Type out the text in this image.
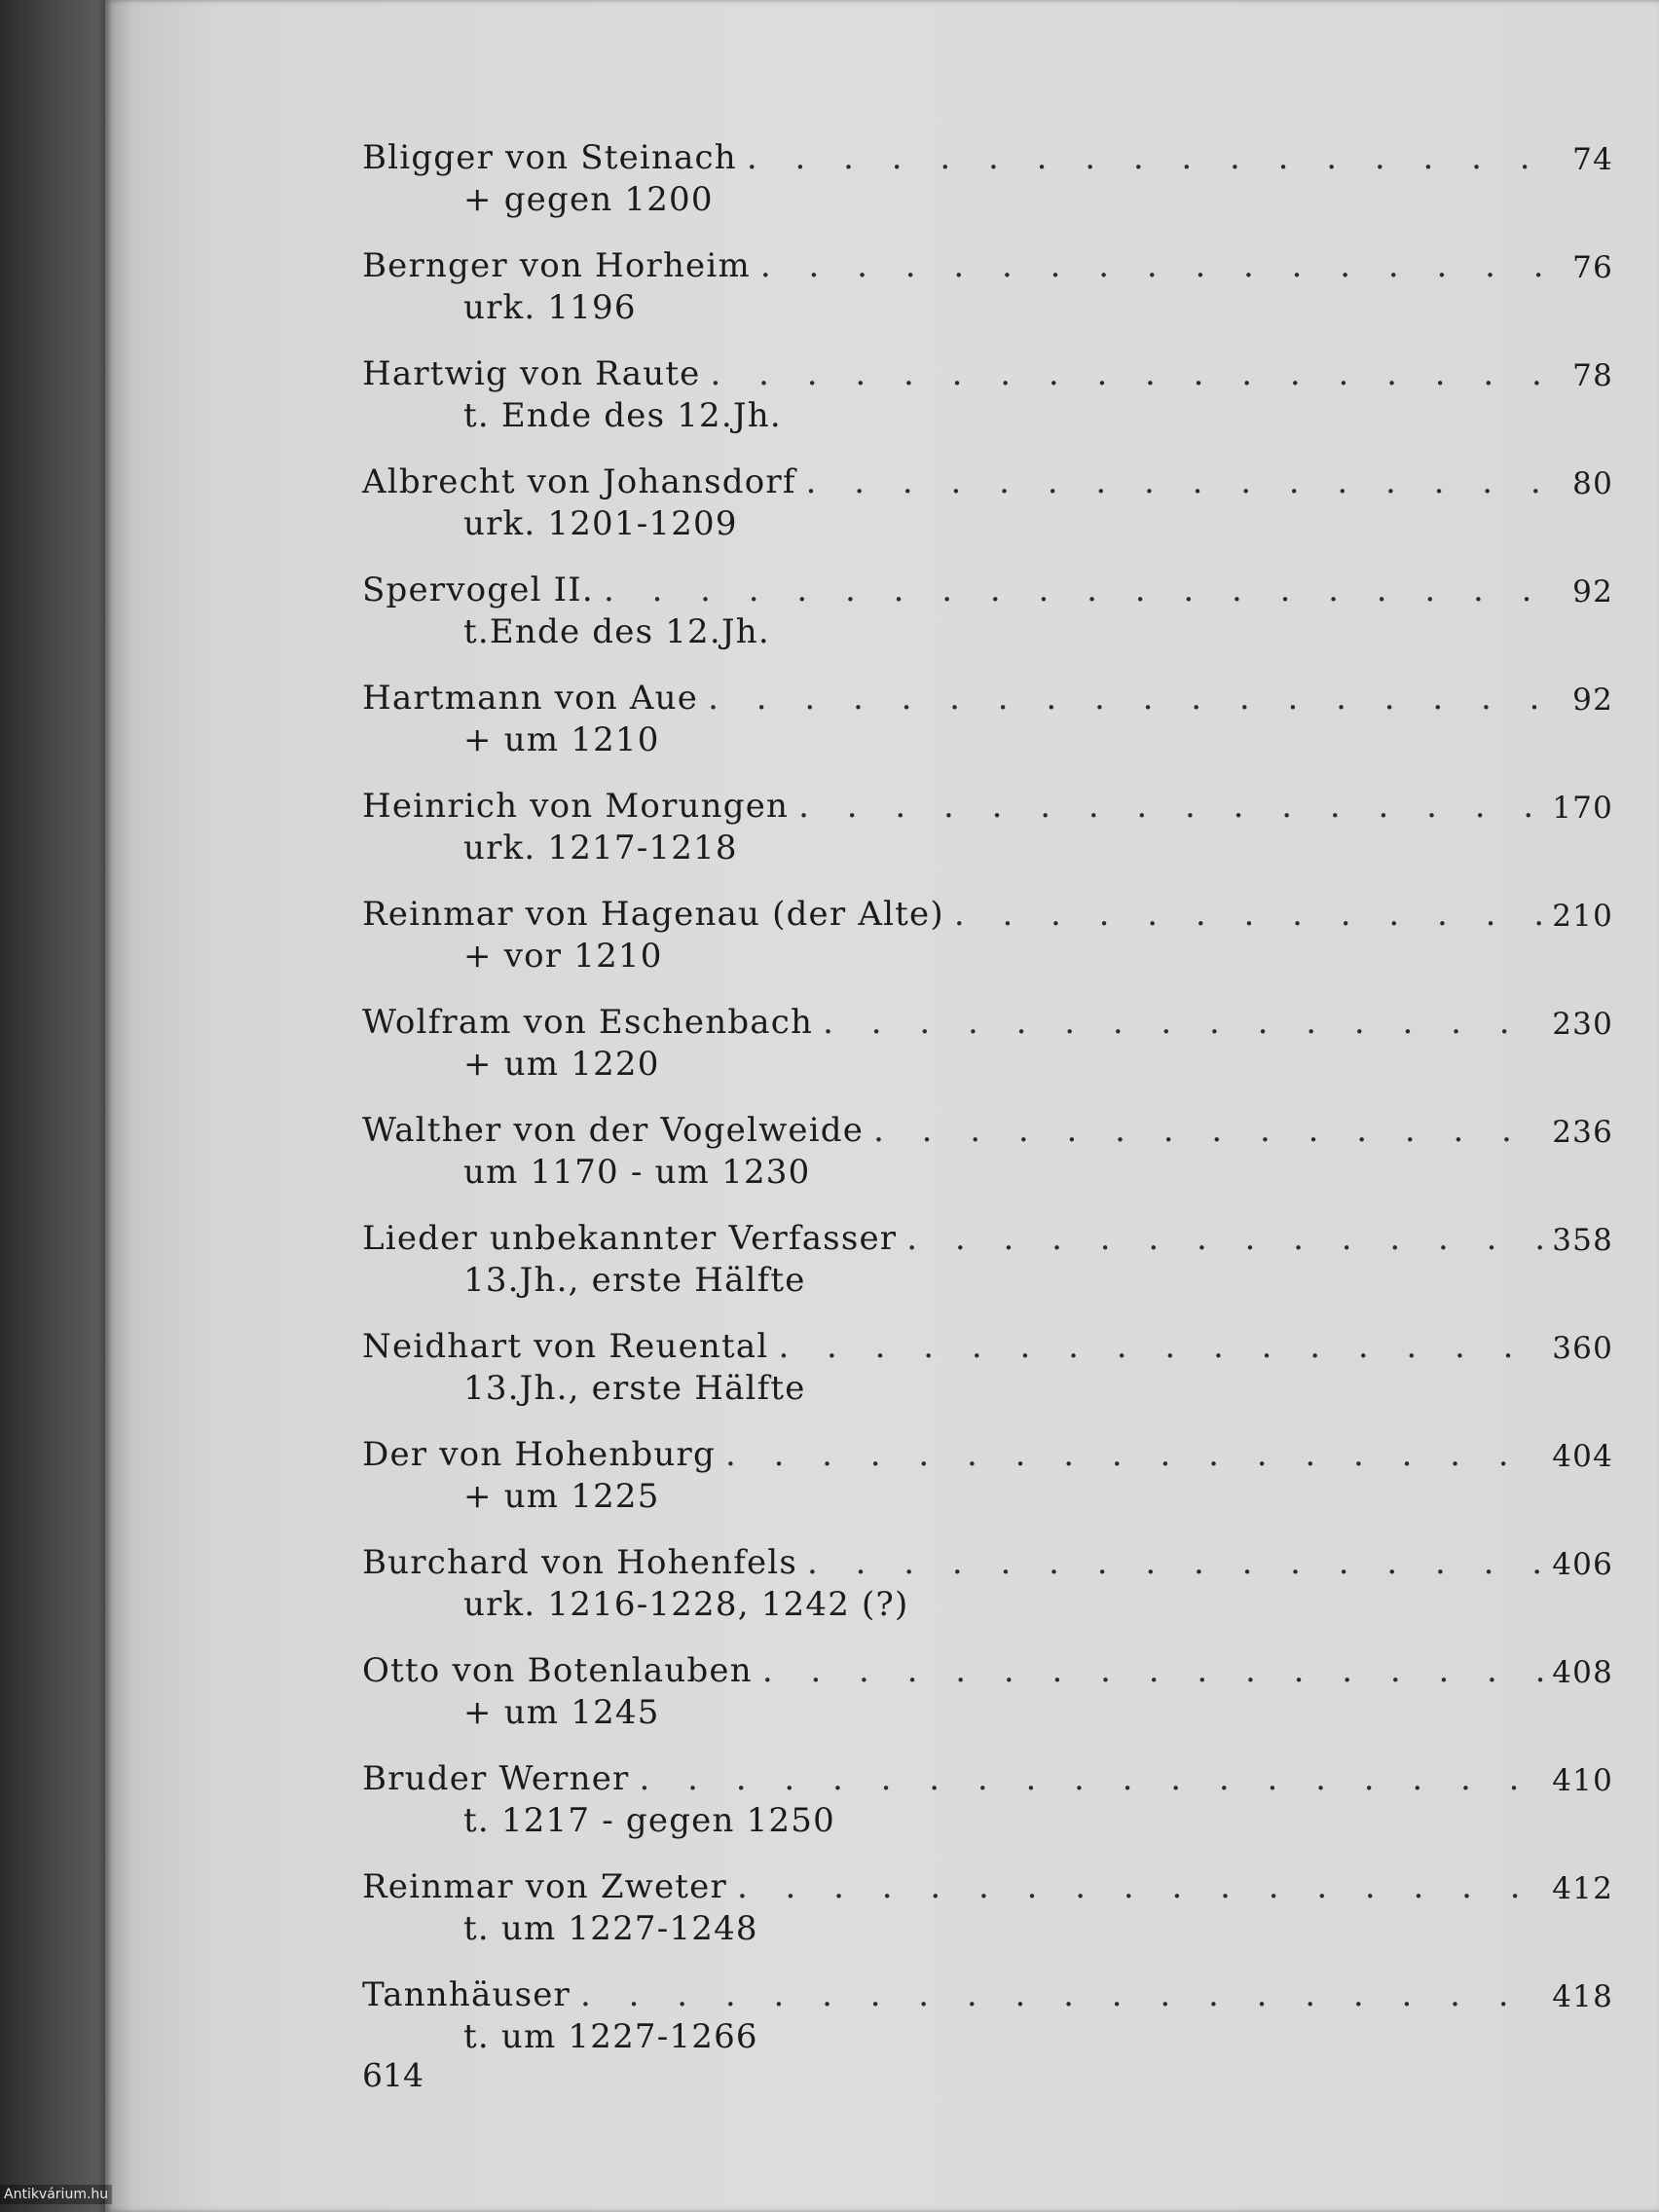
Bligger von Steinach . . .	74
+ gegen 1200
Bernger von Horheim . . .	76
urk. 1196
Hartwig von Raute . . .	78
t. Ende des 12.Jh.
Albrecht von Johansdorf . . .	80
urk. 1201-1209
Spervogel II. . . .	92
t.Ende des 12.Jh.
Hartmann von Aue . . .	92
+ um 1210
Heinrich von Morungen . . .	170
urk. 1217-1218
Reinmar von Hagenau (der Alte) . . .	210
+ vor 1210
Wolfram von Eschenbach . . .	230
+ um 1220
Walther von der Vogelweide . . .	236
um 1170 - um 1230
Lieder unbekannter Verfasser . . .	358
13.Jh., erste Hälfte
Neidhart von Reuental . . .	360
13.Jh., erste Hälfte
Der von Hohenburg . . .	404
+ um 1225
Burchard von Hohenfels . . .	406
urk. 1216-1228, 1242 (?)
Otto von Botenlauben . . .	408
+ um 1245
Bruder Werner . . .	410
t. 1217 - gegen 1250
Reinmar von Zweter . . .	412
t. um 1227-1248
Tannhäuser . . .	418
t. um 1227-1266
614
Antikvárium.hu
